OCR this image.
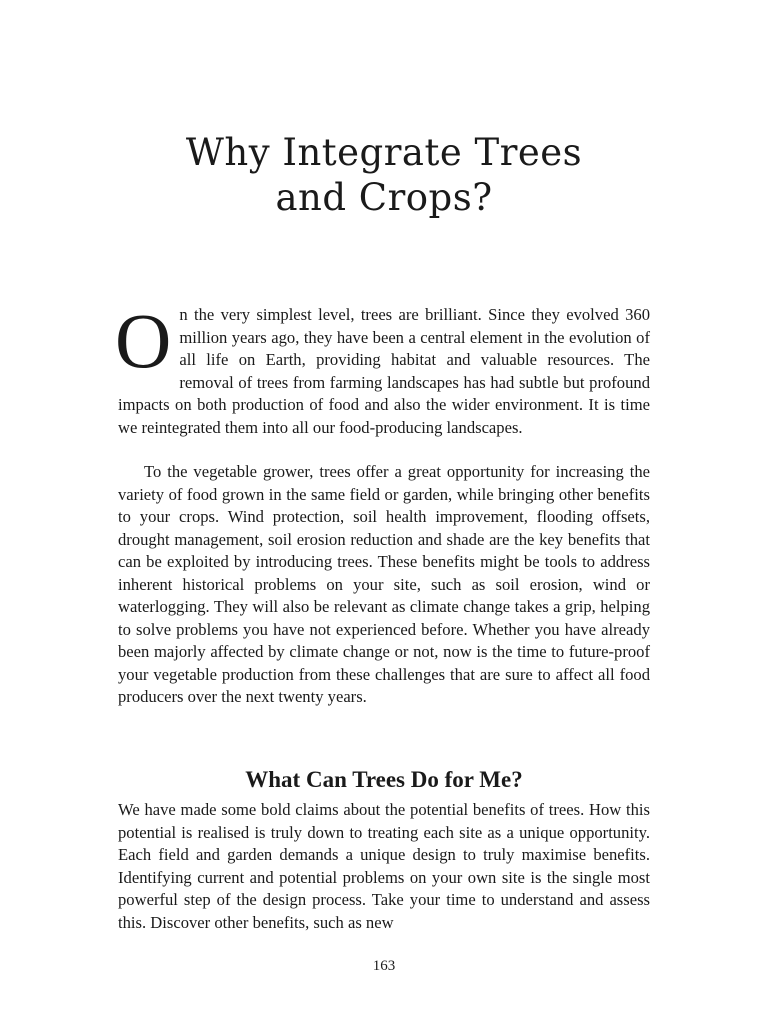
Why Integrate Trees
and Crops?

O n the very simplest level, trees are brilliant. Since they evolved 360 million years ago, they have been a central element in the evolution of all life on Earth, providing habitat and valuable resources. The removal of trees from farming landscapes has had subtle but profound impacts on both production of food and also the wider environment. It is time we reintegrated them into all our food-producing landscapes.

To the vegetable grower, trees offer a great opportunity for increasing the variety of food grown in the same field or garden, while bringing other benefits to your crops. Wind protection, soil health improvement, flooding offsets, drought management, soil erosion reduction and shade are the key benefits that can be exploited by introducing trees. These benefits might be tools to address inherent historical problems on your site, such as soil erosion, wind or waterlogging. They will also be relevant as climate change takes a grip, helping to solve problems you have not experienced before. Whether you have already been majorly affected by climate change or not, now is the time to future-proof your vegetable production from these challenges that are sure to affect all food producers over the next twenty years.

What Can Trees Do for Me?

We have made some bold claims about the potential benefits of trees. How this potential is realised is truly down to treating each site as a unique opportunity. Each field and garden demands a unique design to truly maximise benefits. Identifying current and potential problems on your own site is the single most powerful step of the design process. Take your time to understand and assess this. Discover other benefits, such as new

163
